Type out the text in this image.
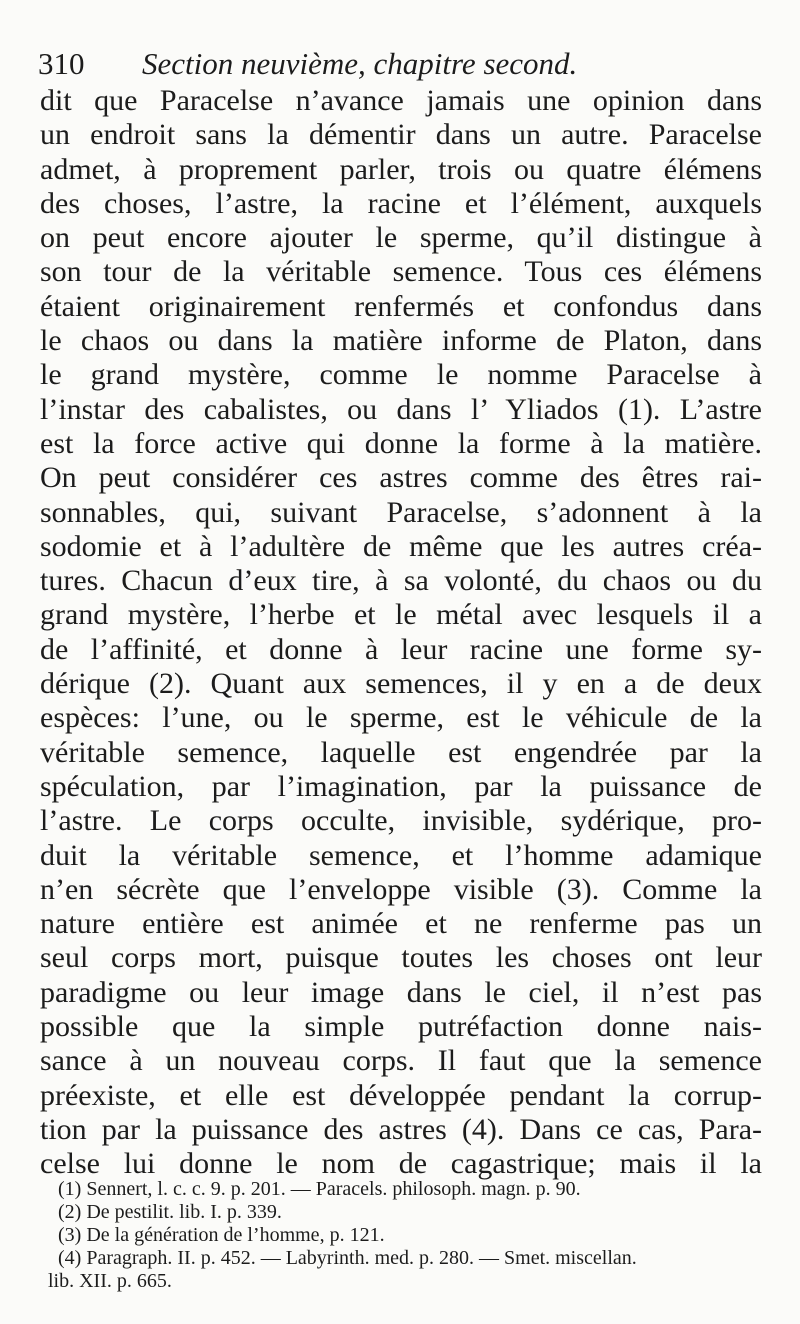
310 Section neuvième, chapitre second.
dit que Paracelse n’avance jamais une opinion dans
un endroit sans la démentir dans un autre. Paracelse
admet, à proprement parler, trois ou quatre élémens
des choses, l’astre, la racine et l’élément, auxquels
on peut encore ajouter le sperme, qu’il distingue à
son tour de la véritable semence. Tous ces élémens
étaient originairement renfermés et confondus dans
le chaos ou dans la matière informe de Platon, dans
le grand mystère, comme le nomme Paracelse à
l’instar des cabalistes, ou dans l’ Yliados (1). L’astre
est la force active qui donne la forme à la matière.
On peut considérer ces astres comme des êtres rai-
sonnables, qui, suivant Paracelse, s’adonnent à la
sodomie et à l’adultère de même que les autres créa-
tures. Chacun d’eux tire, à sa volonté, du chaos ou du
grand mystère, l’herbe et le métal avec lesquels il a
de l’affinité, et donne à leur racine une forme sy-
dérique (2). Quant aux semences, il y en a de deux
espèces: l’une, ou le sperme, est le véhicule de la
véritable semence, laquelle est engendrée par la
spéculation, par l’imagination, par la puissance de
l’astre. Le corps occulte, invisible, sydérique, pro-
duit la véritable semence, et l’homme adamique
n’en sécrète que l’enveloppe visible (3). Comme la
nature entière est animée et ne renferme pas un
seul corps mort, puisque toutes les choses ont leur
paradigme ou leur image dans le ciel, il n’est pas
possible que la simple putréfaction donne nais-
sance à un nouveau corps. Il faut que la semence
préexiste, et elle est développée pendant la corrup-
tion par la puissance des astres (4). Dans ce cas, Para-
celse lui donne le nom de cagastrique; mais il la
(1) Sennert, l. c. c. 9. p. 201. — Paracels. philosoph. magn. p. 90.
(2) De pestilit. lib. I. p. 339.
(3) De la génération de l’homme, p. 121.
(4) Paragraph. II. p. 452. — Labyrinth. med. p. 280. — Smet. miscellan.
lib. XII. p. 665.
